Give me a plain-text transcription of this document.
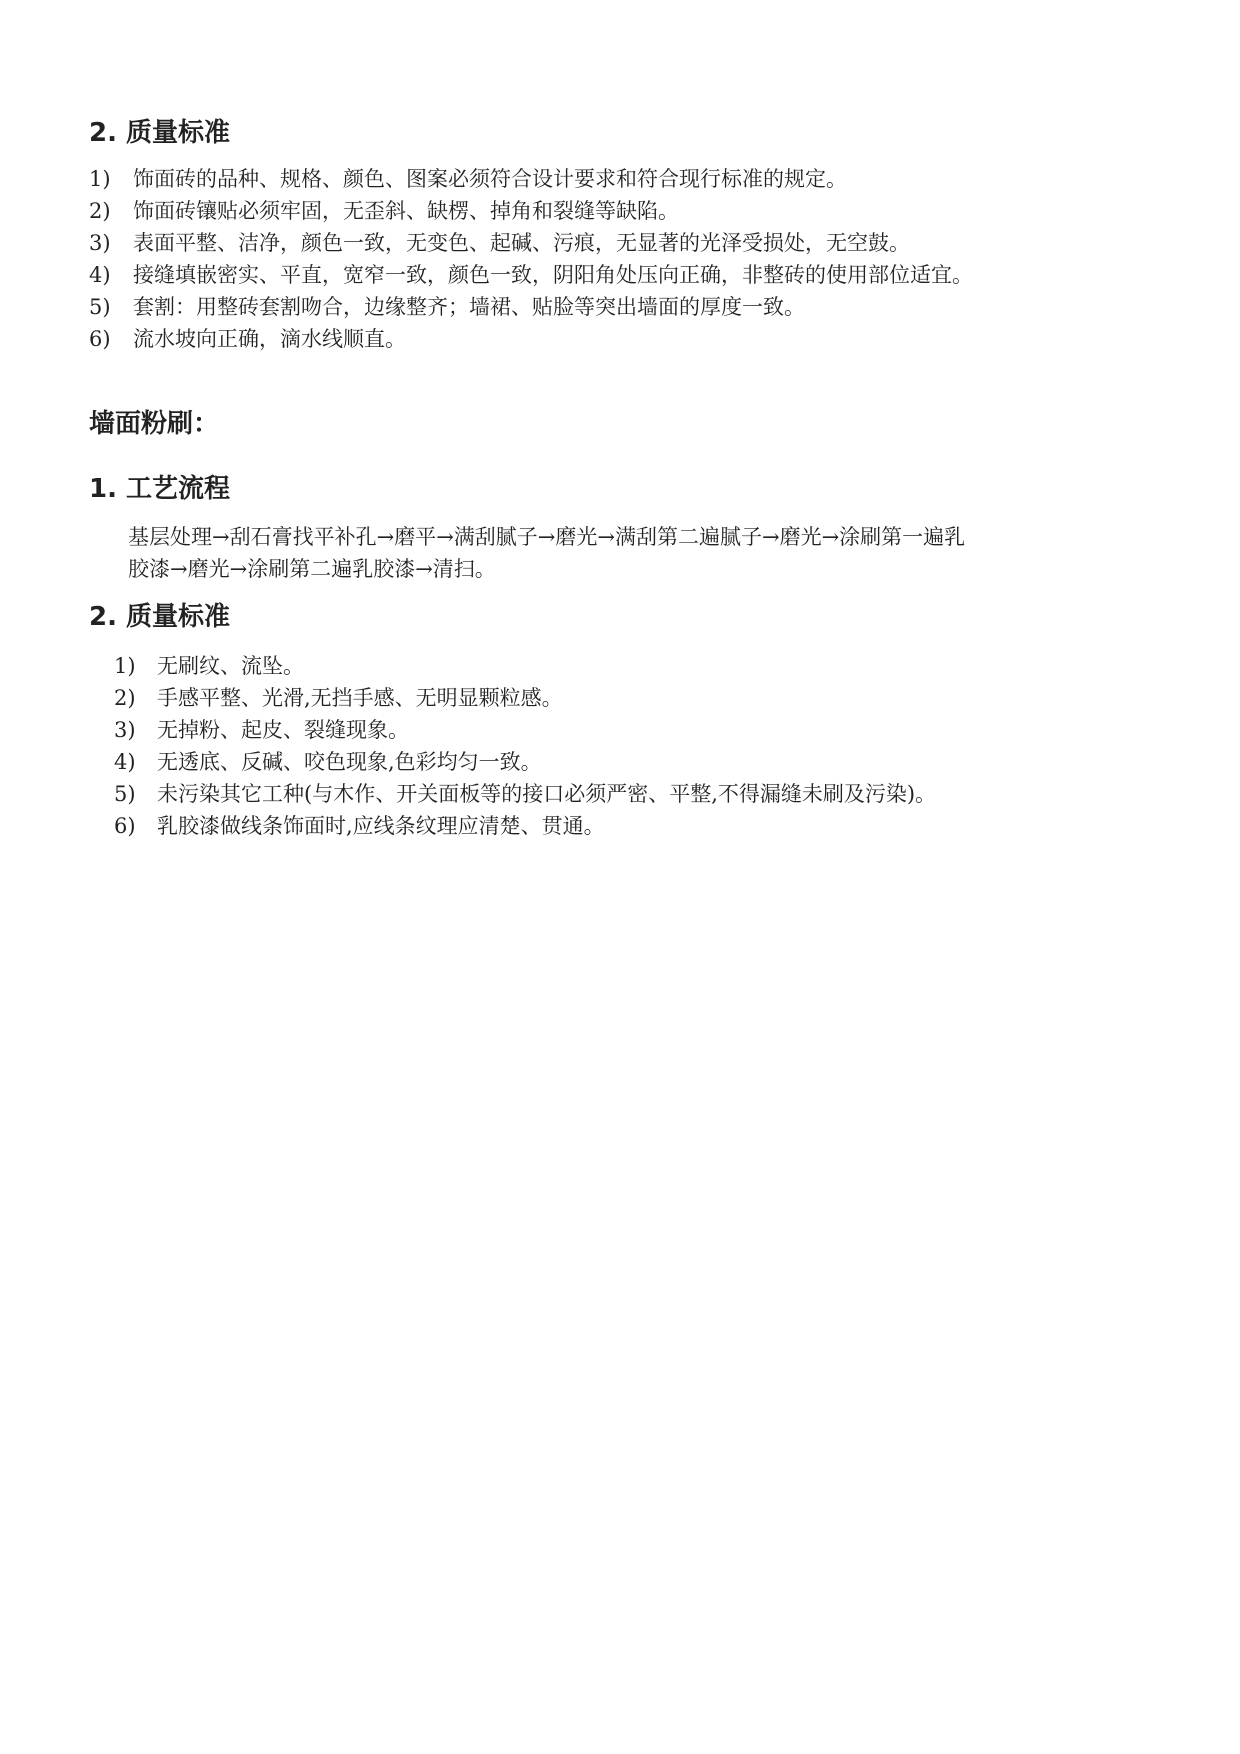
2. 质量标准
1) 饰面砖的品种、规格、颜色、图案必须符合设计要求和符合现行标准的规定。
2) 饰面砖镶贴必须牢固，无歪斜、缺楞、掉角和裂缝等缺陷。
3) 表面平整、洁净，颜色一致，无变色、起碱、污痕，无显著的光泽受损处，无空鼓。
4) 接缝填嵌密实、平直，宽窄一致，颜色一致，阴阳角处压向正确，非整砖的使用部位适宜。
5) 套割：用整砖套割吻合，边缘整齐；墙裙、贴脸等突出墙面的厚度一致。
6) 流水坡向正确，滴水线顺直。
墙面粉刷：
1. 工艺流程

基层处理→刮石膏找平补孔→磨平→满刮腻子→磨光→满刮第二遍腻子→磨光→涂刷第一遍乳

胶漆→磨光→涂刷第二遍乳胶漆→清扫。

2. 质量标准
1) 无刷纹、流坠。
2) 手感平整、光滑,无挡手感、无明显颗粒感。
3) 无掉粉、起皮、裂缝现象。
4) 无透底、反碱、咬色现象,色彩均匀一致。
5) 未污染其它工种(与木作、开关面板等的接口必须严密、平整,不得漏缝未刷及污染)。
6) 乳胶漆做线条饰面时,应线条纹理应清楚、贯通。
